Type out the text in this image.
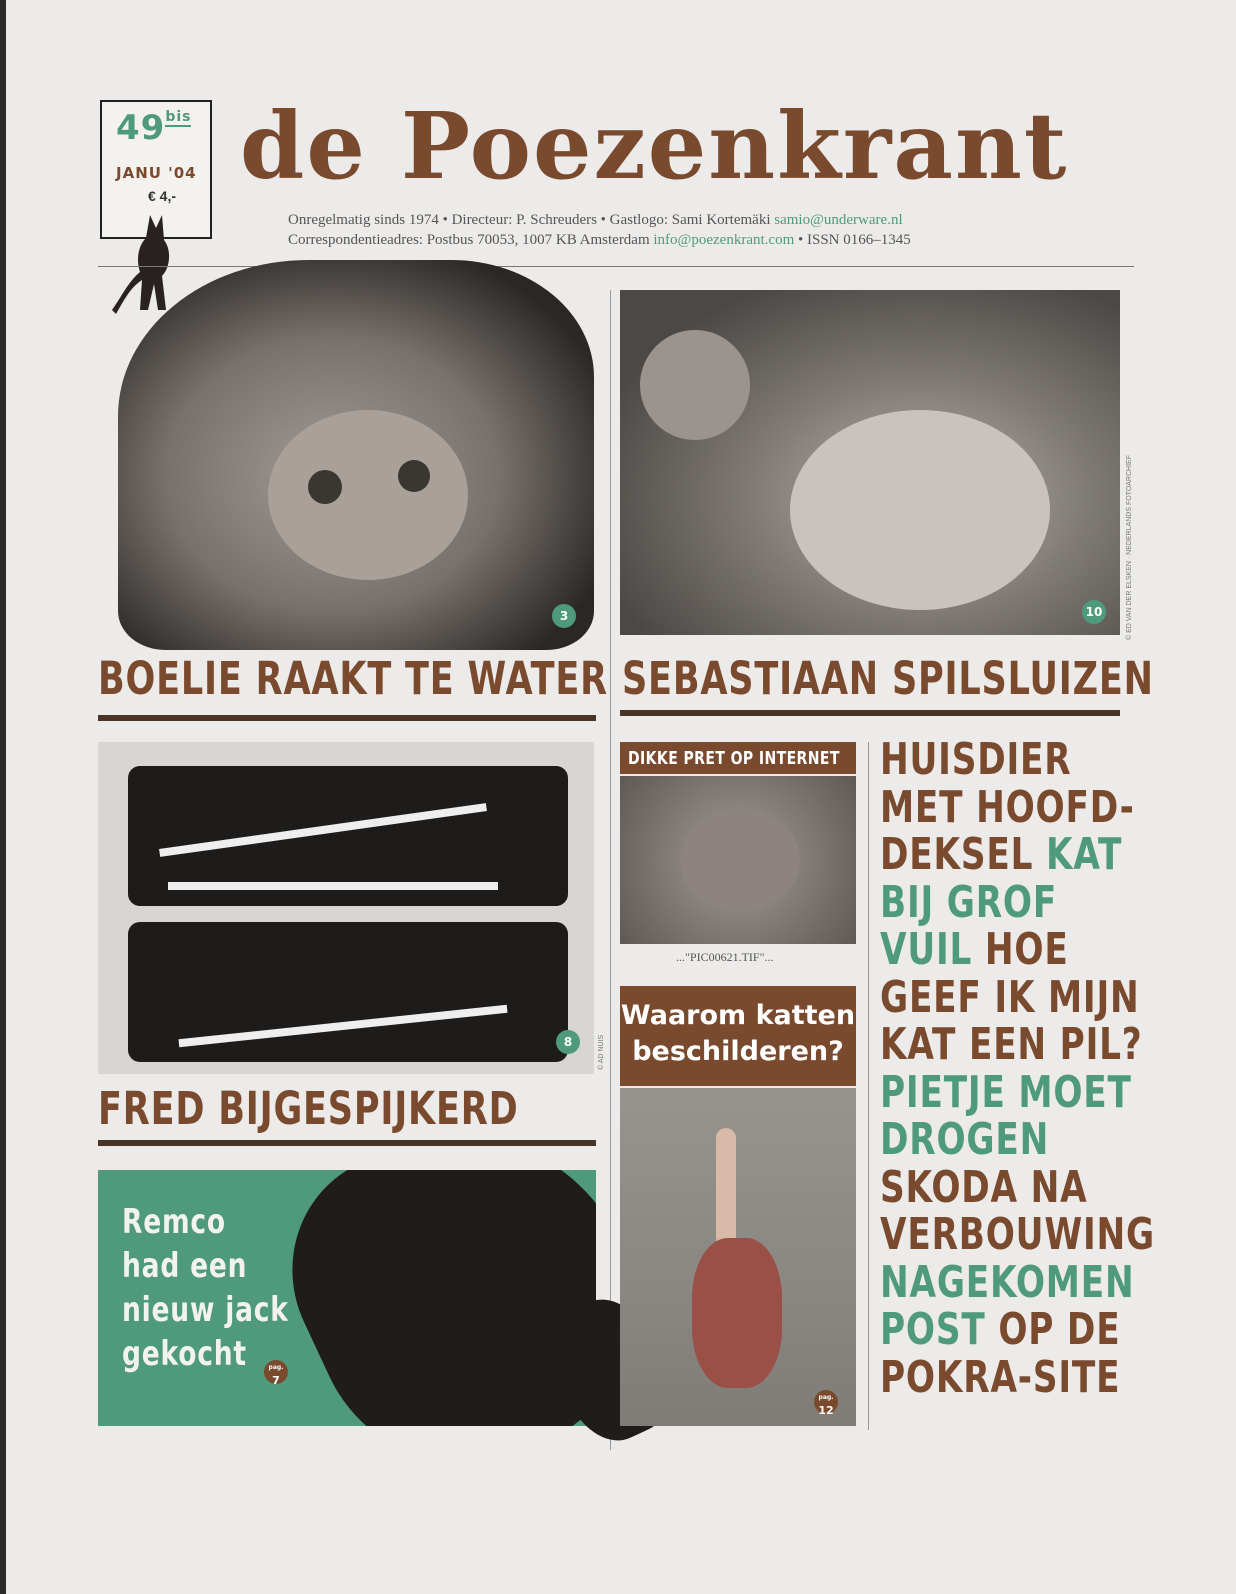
$49^{bis}$
JANU '04
€ 4,- de Poezenkrant
Onregelmatig sinds 1974 • Directeur: P. Schreuders • Gastlogo: Sami Kortemäki samio@underware.nl
Correspondentieadres: Postbus 70053, 1007 KB Amsterdam info@poezenkrant.com • ISSN 0166–1345
3
BOELIE RAAKT TE WATER
10	© ED VAN DER ELSKEN · NEDERLANDS FOTOARCHIEF
SEBASTIAAN SPILSLUIZEN
8	© AD NUIS
FRED BIJGESPIJKERD
Remco
had een
nieuw jack
gekocht	pag.
7
DIKKE PRET OP INTERNET
..."PIC00621.TIF"...
Waarom katten beschilderen?
pag.
12
HUISDIER
MET HOOFD-
DEKSEL KAT
BIJ GROF
VUIL HOE
GEEF IK MIJN
KAT EEN PIL?
PIETJE MOET
DROGEN
SKODA NA
VERBOUWING
NAGEKOMEN
POST OP DE
POKRA-SITE
